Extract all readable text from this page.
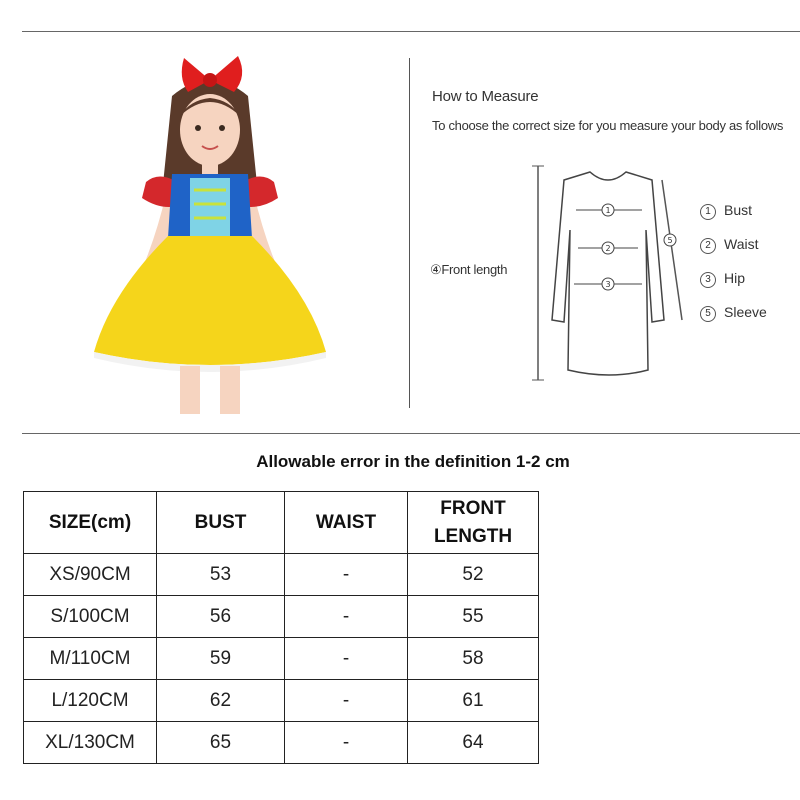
How to Measure
To choose the correct size for you measure your body as follows
1
2
3
5
④Front length
1 Bust
2 Waist
3 Hip
5 Sleeve
Allowable error in the definition 1-2 cm
SIZE(cm)	BUST	WAIST	FRONT LENGTH
XS/90CM	53	-	52
S/100CM	56	-	55
M/110CM	59	-	58
L/120CM	62	-	61
XL/130CM	65	-	64
